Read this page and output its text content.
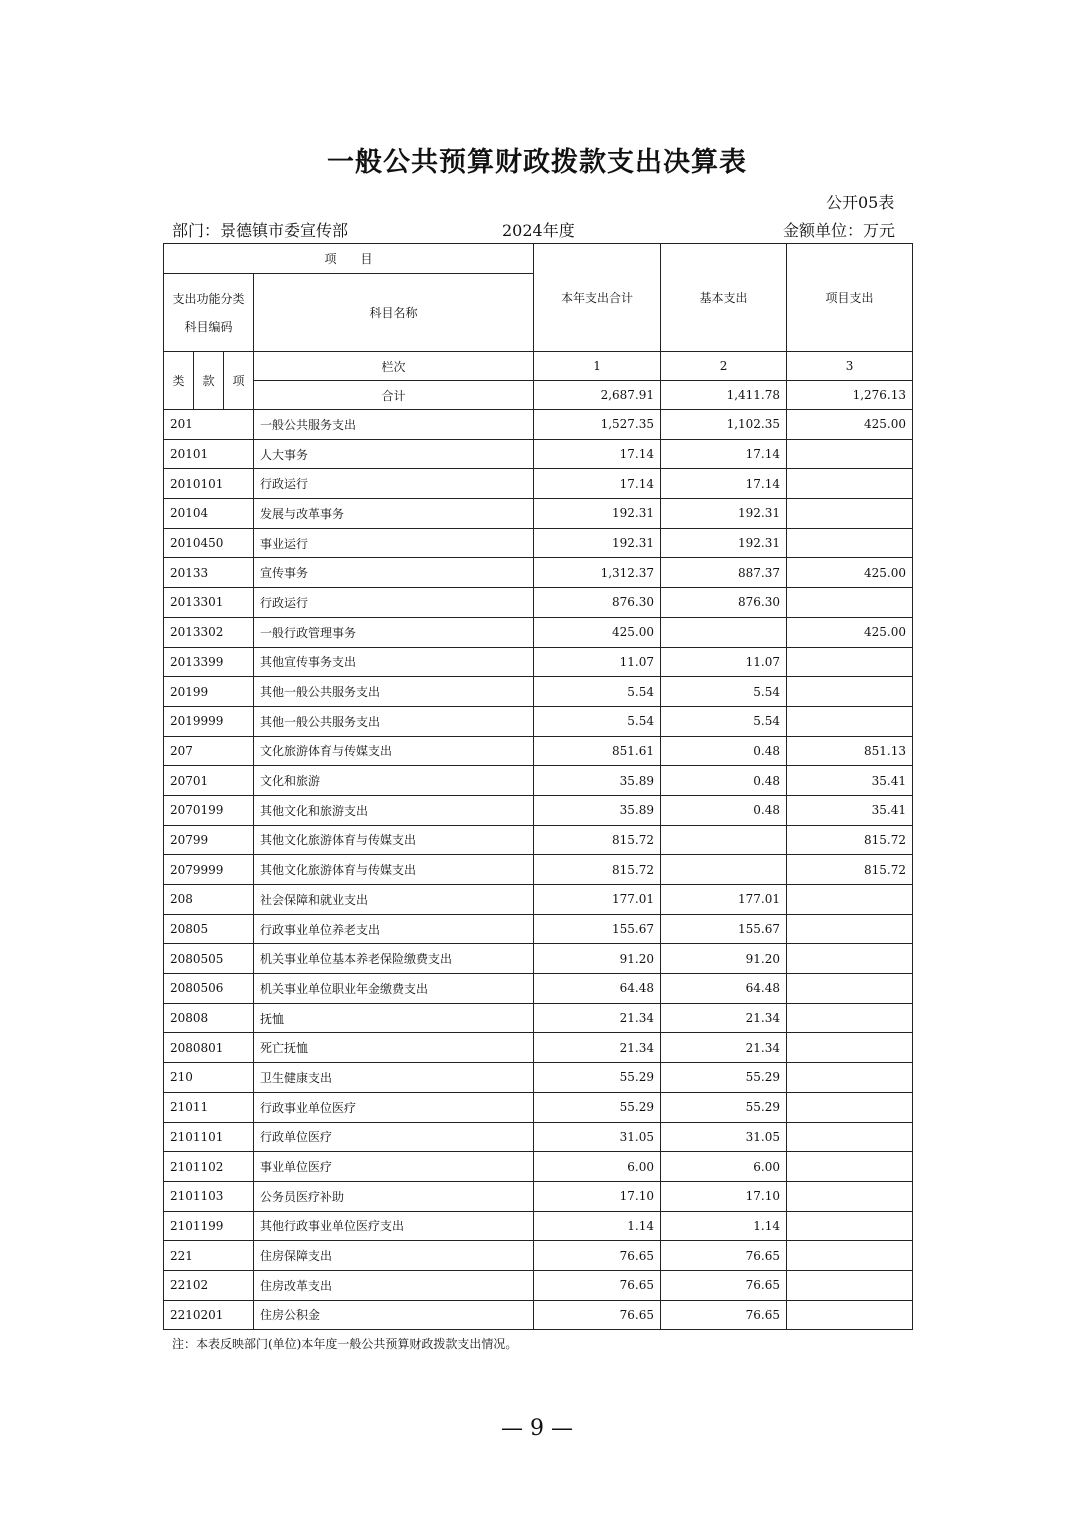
一般公共预算财政拨款支出决算表
公开05表
部门：景德镇市委宣传部	2024年度	金额单位：万元
项　　目				本年支出合计	基本支出	项目支出

支出功能分类
科目编码			科目名称			
类	款	项	栏次	1	2	3
			合计	2,687.91	1,411.78	1,276.13
201			一般公共服务支出	1,527.35	1,102.35	425.00
20101			人大事务	17.14	17.14	
2010101			行政运行	17.14	17.14	
20104			发展与改革事务	192.31	192.31	
2010450			事业运行	192.31	192.31	
20133			宣传事务	1,312.37	887.37	425.00
2013301			行政运行	876.30	876.30	
2013302			一般行政管理事务	425.00		425.00
2013399			其他宣传事务支出	11.07	11.07	
20199			其他一般公共服务支出	5.54	5.54	
2019999			其他一般公共服务支出	5.54	5.54	
207			文化旅游体育与传媒支出	851.61	0.48	851.13
20701			文化和旅游	35.89	0.48	35.41
2070199			其他文化和旅游支出	35.89	0.48	35.41
20799			其他文化旅游体育与传媒支出	815.72		815.72
2079999			其他文化旅游体育与传媒支出	815.72		815.72
208			社会保障和就业支出	177.01	177.01	
20805			行政事业单位养老支出	155.67	155.67	
2080505			机关事业单位基本养老保险缴费支出	91.20	91.20	
2080506			机关事业单位职业年金缴费支出	64.48	64.48	
20808			抚恤	21.34	21.34	
2080801			死亡抚恤	21.34	21.34	
210			卫生健康支出	55.29	55.29	
21011			行政事业单位医疗	55.29	55.29	
2101101			行政单位医疗	31.05	31.05	
2101102			事业单位医疗	6.00	6.00	
2101103			公务员医疗补助	17.10	17.10	
2101199			其他行政事业单位医疗支出	1.14	1.14	
221			住房保障支出	76.65	76.65	
22102			住房改革支出	76.65	76.65	
2210201			住房公积金	76.65	76.65	
注：本表反映部门(单位)本年度一般公共预算财政拨款支出情况。
— 9 —
